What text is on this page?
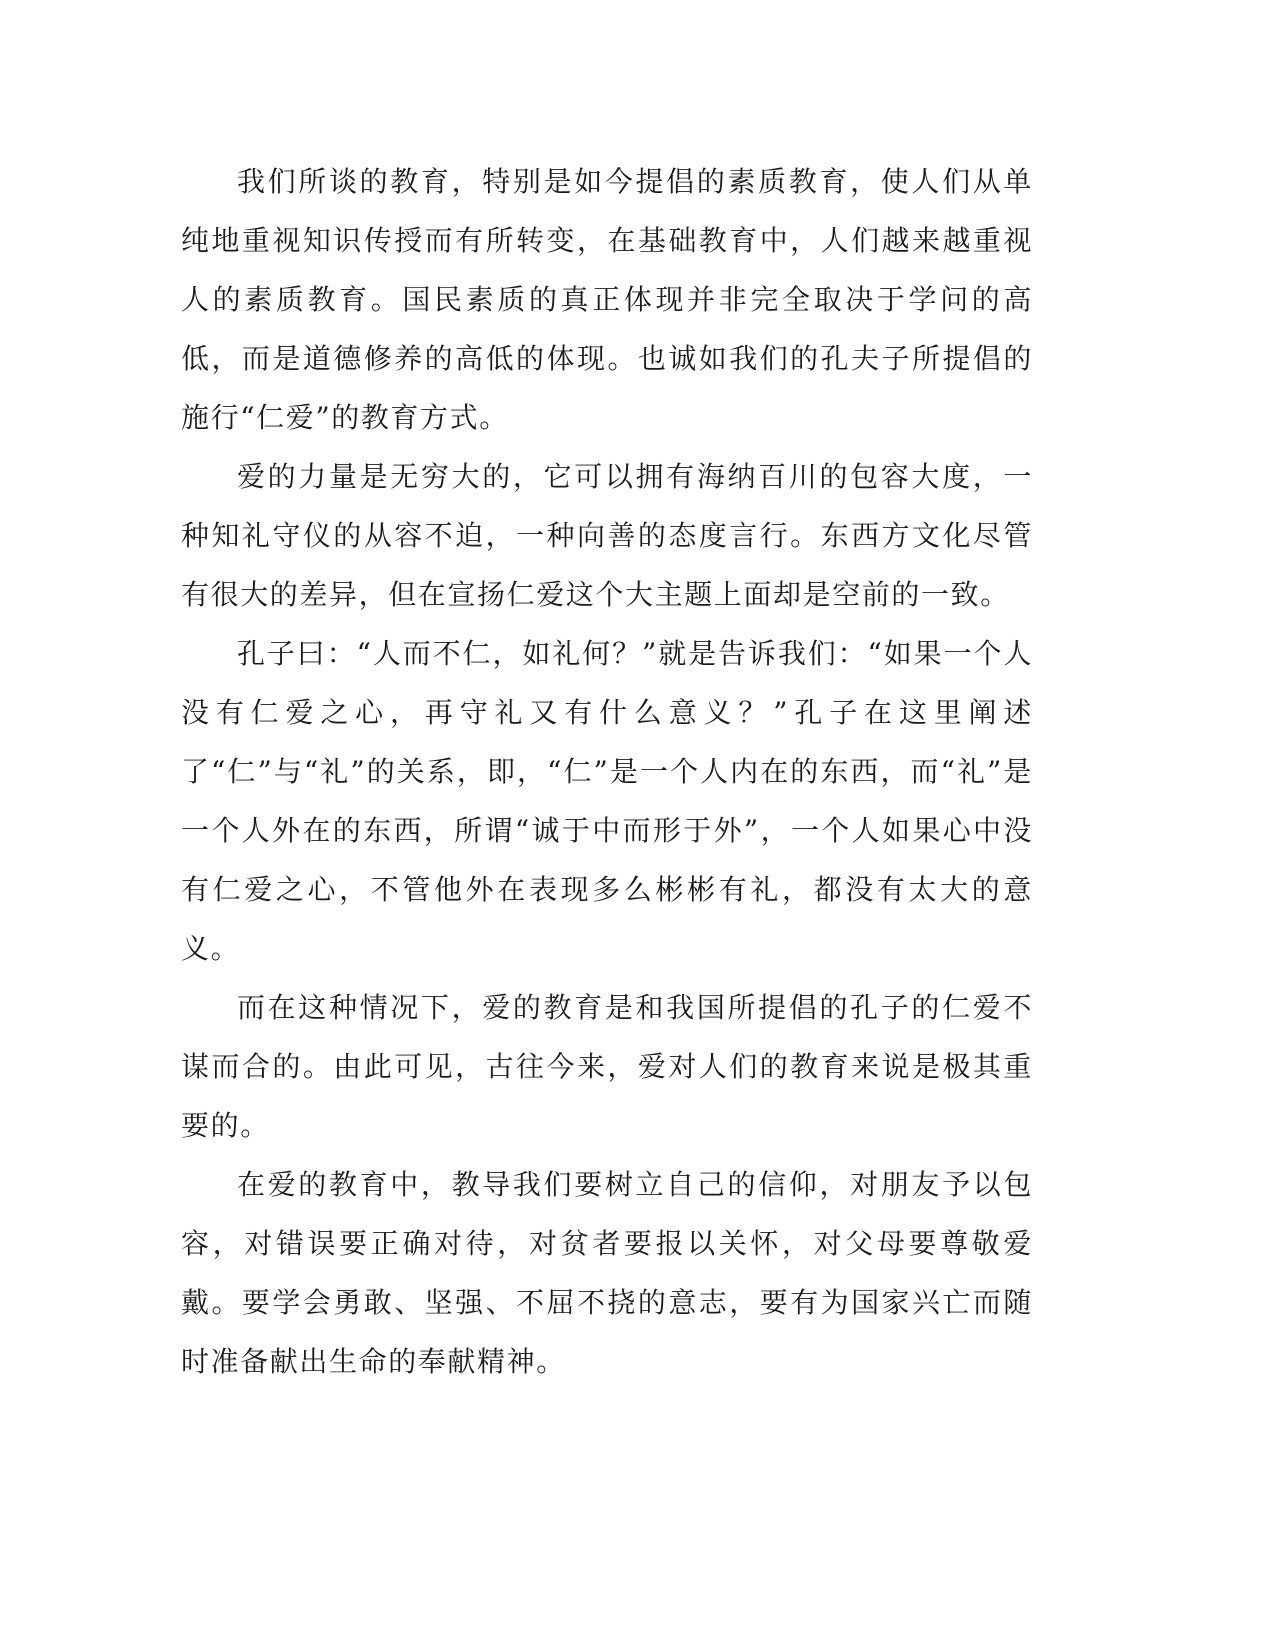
我们所谈的教育，特别是如今提倡的素质教育，使人们从单纯地重视知识传授而有所转变，在基础教育中，人们越来越重视人的素质教育。国民素质的真正体现并非完全取决于学问的高低，而是道德修养的高低的体现。也诚如我们的孔夫子所提倡的施行“仁爱”的教育方式。

爱的力量是无穷大的，它可以拥有海纳百川的包容大度，一种知礼守仪的从容不迫，一种向善的态度言行。东西方文化尽管有很大的差异，但在宣扬仁爱这个大主题上面却是空前的一致。

孔子曰：“人而不仁，如礼何？”就是告诉我们：“如果一个人没有仁爱之心，再守礼又有什么意义？”孔子在这里阐述了“仁”与“礼”的关系，即，“仁”是一个人内在的东西，而“礼”是一个人外在的东西，所谓“诚于中而形于外”，一个人如果心中没有仁爱之心，不管他外在表现多么彬彬有礼，都没有太大的意义。

而在这种情况下，爱的教育是和我国所提倡的孔子的仁爱不谋而合的。由此可见，古往今来，爱对人们的教育来说是极其重要的。

在爱的教育中，教导我们要树立自己的信仰，对朋友予以包容，对错误要正确对待，对贫者要报以关怀，对父母要尊敬爱戴。要学会勇敢、坚强、不屈不挠的意志，要有为国家兴亡而随时准备献出生命的奉献精神。
